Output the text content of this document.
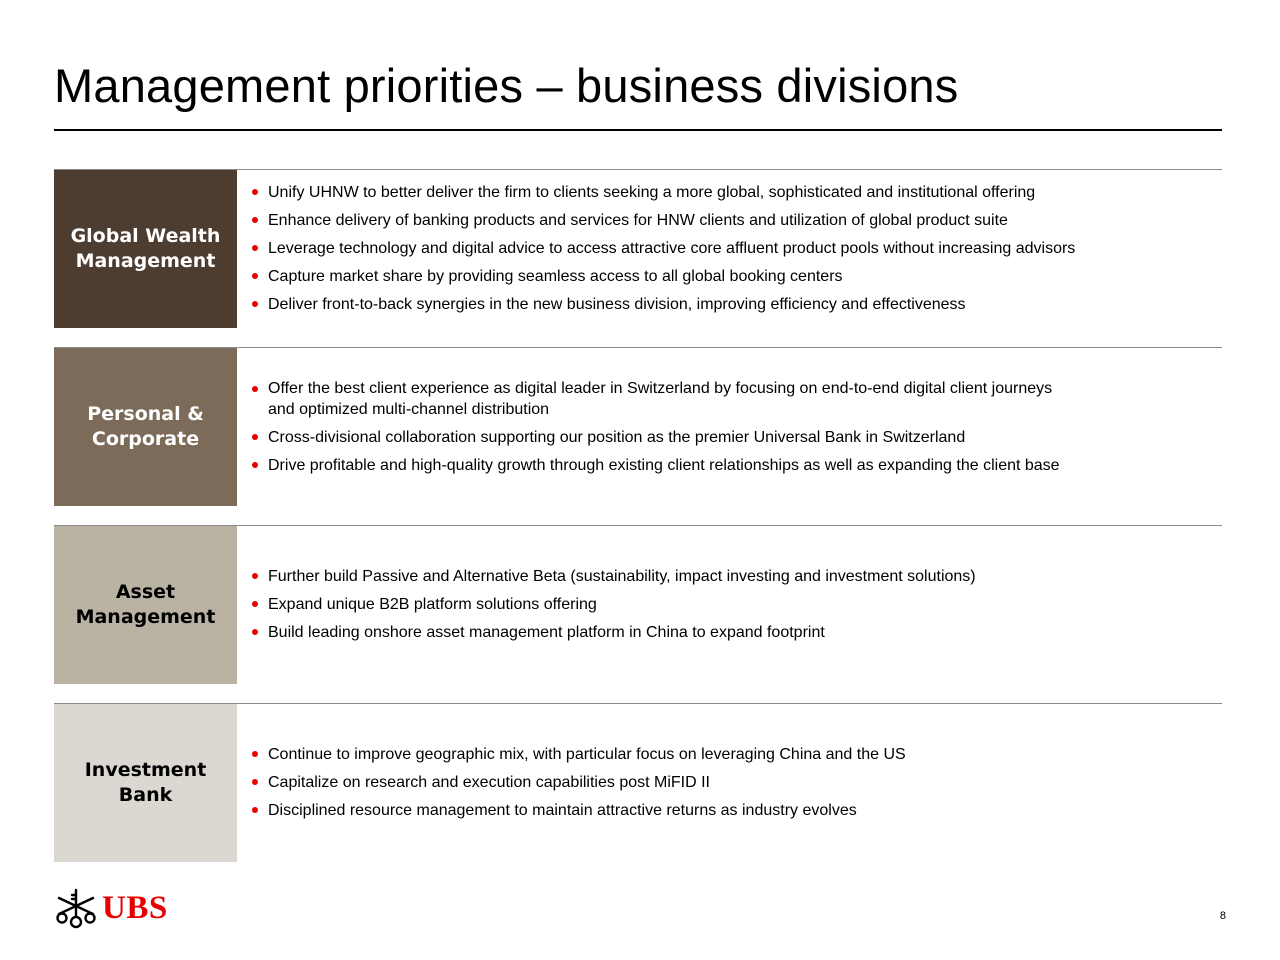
Management priorities – business divisions
Global Wealth
Management
Unify UHNW to better deliver the firm to clients seeking a more global, sophisticated and institutional offering
Enhance delivery of banking products and services for HNW clients and utilization of global product suite
Leverage technology and digital advice to access attractive core affluent product pools without increasing advisors
Capture market share by providing seamless access to all global booking centers
Deliver front-to-back synergies in the new business division, improving efficiency and effectiveness
Personal &
Corporate
Offer the best client experience as digital leader in Switzerland by focusing on end-to-end digital client journeys
and optimized multi-channel distribution
Cross-divisional collaboration supporting our position as the premier Universal Bank in Switzerland
Drive profitable and high-quality growth through existing client relationships as well as expanding the client base
Asset
Management
Further build Passive and Alternative Beta (sustainability, impact investing and investment solutions)
Expand unique B2B platform solutions offering
Build leading onshore asset management platform in China to expand footprint
Investment
Bank
Continue to improve geographic mix, with particular focus on leveraging China and the US
Capitalize on research and execution capabilities post MiFID II
Disciplined resource management to maintain attractive returns as industry evolves
UBS	8
